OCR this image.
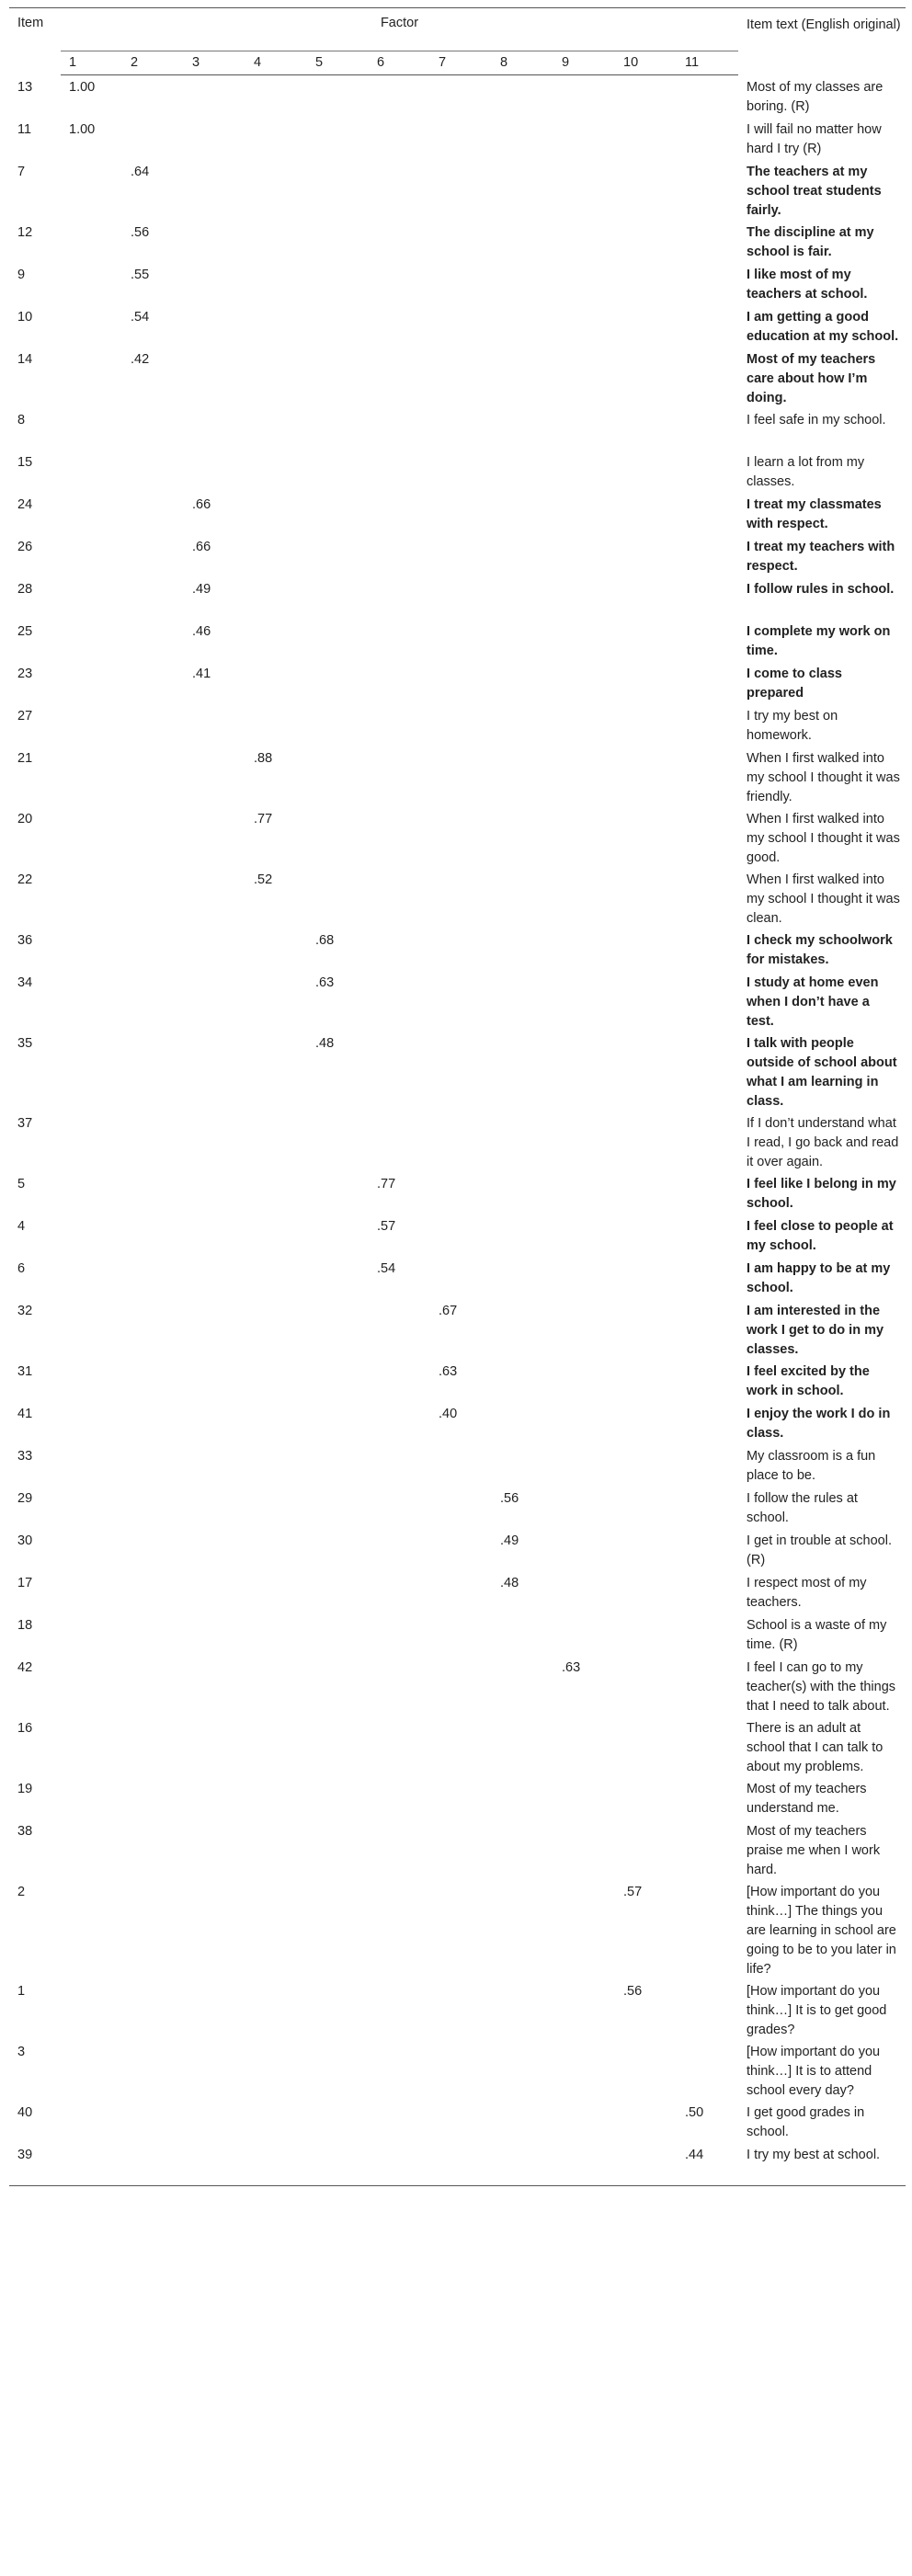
Item	Factor											Item text (English original)
	1	2	3	4	5	6	7	8	9	10	11	
13	1.00											Most of my classes are boring. (R)
11	1.00											I will fail no matter how hard I try (R)
7		.64										The teachers at my school treat students fairly.
12		.56										The discipline at my school is fair.
9		.55										I like most of my teachers at school.
10		.54										I am getting a good education at my school.
14		.42										Most of my teachers care about how I’m doing.
8												I feel safe in my school.
15												I learn a lot from my classes.
24			.66									I treat my classmates with respect.
26			.66									I treat my teachers with respect.
28			.49									I follow rules in school.
25			.46									I complete my work on time.
23			.41									I come to class prepared
27												I try my best on homework.
21				.88								When I first walked into my school I thought it was friendly.
20				.77								When I first walked into my school I thought it was good.
22				.52								When I first walked into my school I thought it was clean.
36					.68							I check my schoolwork for mistakes.
34					.63							I study at home even when I don’t have a test.
35					.48							I talk with people outside of school about what I am learning in class.
37												If I don’t understand what I read, I go back and read it over again.
5						.77						I feel like I belong in my school.
4						.57						I feel close to people at my school.
6						.54						I am happy to be at my school.
32							.67					I am interested in the work I get to do in my classes.
31							.63					I feel excited by the work in school.
41							.40					I enjoy the work I do in class.
33												My classroom is a fun place to be.
29								.56				I follow the rules at school.
30								.49				I get in trouble at school. (R)
17								.48				I respect most of my teachers.
18												School is a waste of my time. (R)
42									.63			I feel I can go to my teacher(s) with the things that I need to talk about.
16												There is an adult at school that I can talk to about my problems.
19												Most of my teachers understand me.
38												Most of my teachers praise me when I work hard.
2										.57		[How important do you think…] The things you are learning in school are going to be to you later in life?
1										.56		[How important do you think…] It is to get good grades?
3												[How important do you think…] It is to attend school every day?
40											.50	I get good grades in school.
39											.44	I try my best at school.
